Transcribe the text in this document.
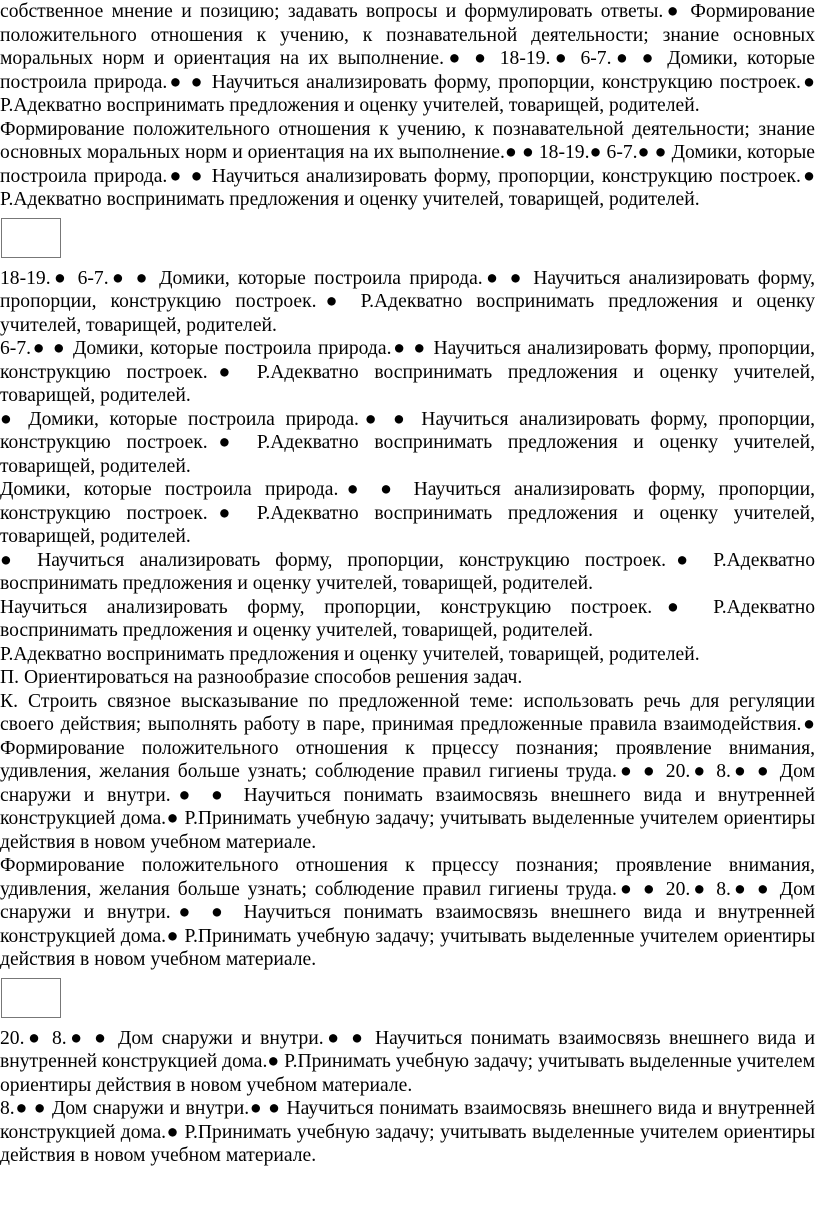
собственное мнение и позицию; задавать вопросы и формулировать ответы.● Формирование положительного отношения к учению, к познавательной деятельности; знание основных моральных норм и ориентация на их выполнение.● ● 18-19.● 6-7.● ● Домики, которые построила природа.● ● Научиться анализировать форму, пропорции, конструкцию построек.● Р.Адекватно воспринимать предложения и оценку учителей, товарищей, родителей.

Формирование положительного отношения к учению, к познавательной деятельности; знание основных моральных норм и ориентация на их выполнение.● ● 18-19.● 6-7.● ● Домики, которые построила природа.● ● Научиться анализировать форму, пропорции, конструкцию построек.● Р.Адекватно воспринимать предложения и оценку учителей, товарищей, родителей.

18-19.● 6-7.● ● Домики, которые построила природа.● ● Научиться анализировать форму, пропорции, конструкцию построек.● Р.Адекватно воспринимать предложения и оценку учителей, товарищей, родителей.

6-7.● ● Домики, которые построила природа.● ● Научиться анализировать форму, пропорции, конструкцию построек.● Р.Адекватно воспринимать предложения и оценку учителей, товарищей, родителей.

● Домики, которые построила природа.● ● Научиться анализировать форму, пропорции, конструкцию построек.● Р.Адекватно воспринимать предложения и оценку учителей, товарищей, родителей.

Домики, которые построила природа.● ● Научиться анализировать форму, пропорции, конструкцию построек.● Р.Адекватно воспринимать предложения и оценку учителей, товарищей, родителей.

● Научиться анализировать форму, пропорции, конструкцию построек.● Р.Адекватно воспринимать предложения и оценку учителей, товарищей, родителей.

Научиться анализировать форму, пропорции, конструкцию построек.● Р.Адекватно воспринимать предложения и оценку учителей, товарищей, родителей.

Р.Адекватно воспринимать предложения и оценку учителей, товарищей, родителей.

П. Ориентироваться на разнообразие способов решения задач.

К. Строить связное высказывание по предложенной теме: использовать речь для регуляции своего действия; выполнять работу в паре, принимая предложенные правила взаимодействия.● Формирование положительного отношения к прцессу познания; проявление внимания, удивления, желания больше узнать; соблюдение правил гигиены труда.● ● 20.● 8.● ● Дом снаружи и внутри.● ● Научиться понимать взаимосвязь внешнего вида и внутренней конструкцией дома.● Р.Принимать учебную задачу; учитывать выделенные учителем ориентиры действия в новом учебном материале.

Формирование положительного отношения к прцессу познания; проявление внимания, удивления, желания больше узнать; соблюдение правил гигиены труда.● ● 20.● 8.● ● Дом снаружи и внутри.● ● Научиться понимать взаимосвязь внешнего вида и внутренней конструкцией дома.● Р.Принимать учебную задачу; учитывать выделенные учителем ориентиры действия в новом учебном материале.

20.● 8.● ● Дом снаружи и внутри.● ● Научиться понимать взаимосвязь внешнего вида и внутренней конструкцией дома.● Р.Принимать учебную задачу; учитывать выделенные учителем ориентиры действия в новом учебном материале.

8.● ● Дом снаружи и внутри.● ● Научиться понимать взаимосвязь внешнего вида и внутренней конструкцией дома.● Р.Принимать учебную задачу; учитывать выделенные учителем ориентиры действия в новом учебном материале.
